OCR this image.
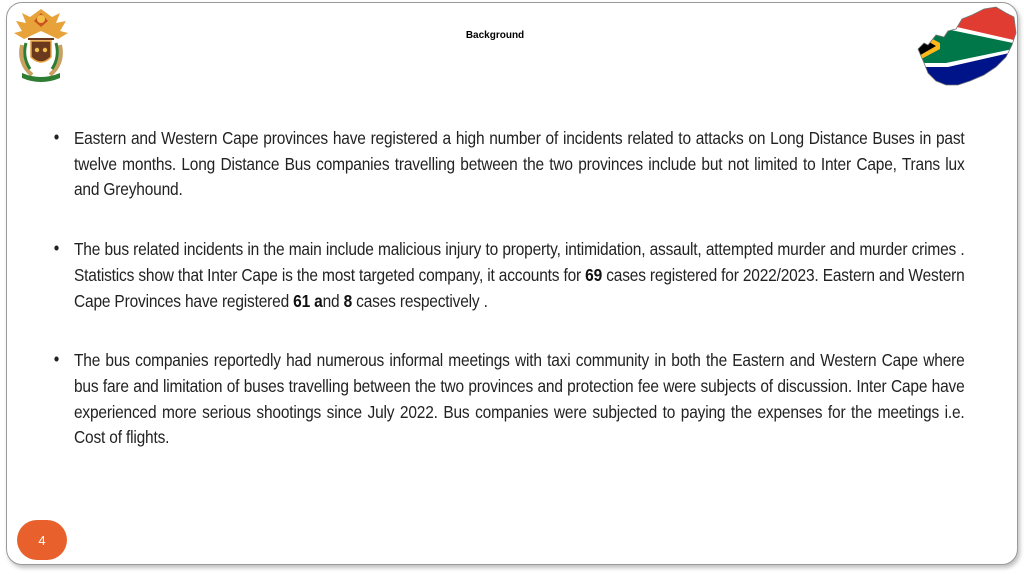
Background
• Eastern and Western Cape provinces have registered a high number of incidents related to attacks on Long Distance Buses in past twelve months. Long Distance Bus companies travelling between the two provinces include but not limited to Inter Cape, Trans lux and Greyhound.
• The bus related incidents in the main include malicious injury to property, intimidation, assault, attempted murder and murder crimes . Statistics show that Inter Cape is the most targeted company, it accounts for 69 cases registered for 2022/2023. Eastern and Western Cape Provinces have registered 61 and 8 cases respectively .
• The bus companies reportedly had numerous informal meetings with taxi community in both the Eastern and Western Cape where bus fare and limitation of buses travelling between the two provinces and protection fee were subjects of discussion. Inter Cape have experienced more serious shootings since July 2022. Bus companies were subjected to paying the expenses for the meetings i.e. Cost of flights.
4
